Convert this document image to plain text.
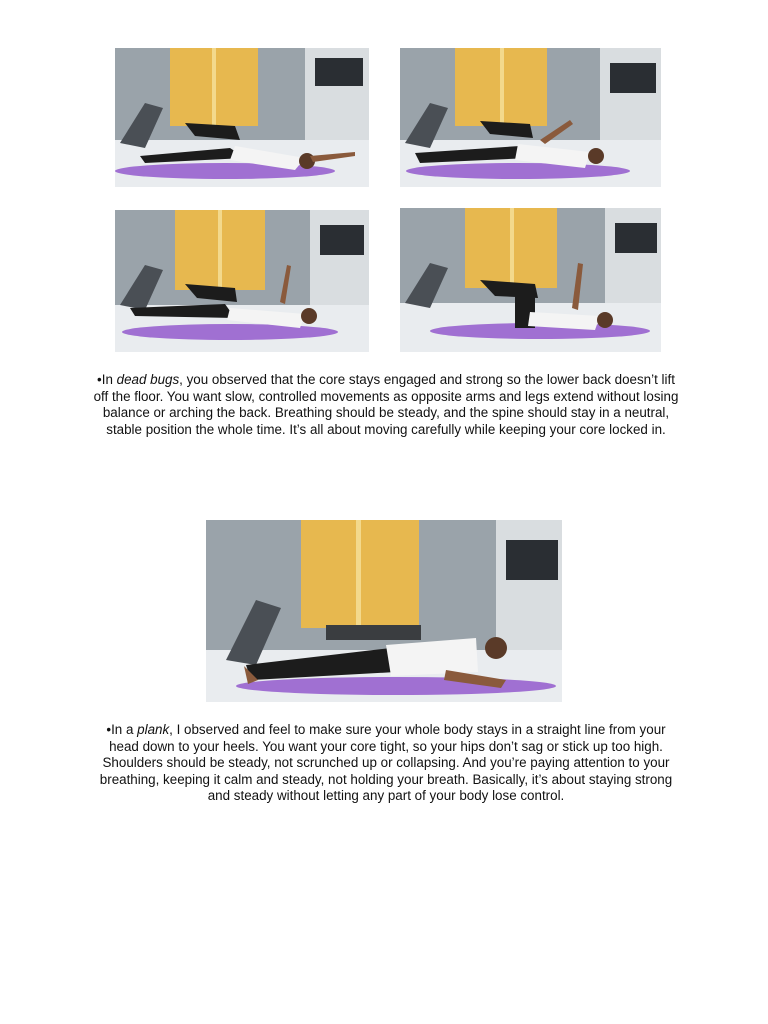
•In dead bugs, you observed that the core stays engaged and strong so the lower back doesn’t lift off the floor. You want slow, controlled movements as opposite arms and legs extend without losing balance or arching the back. Breathing should be steady, and the spine should stay in a neutral, stable position the whole time. It’s all about moving carefully while keeping your core locked in.

•In a plank, I observed and feel to make sure your whole body stays in a straight line from your head down to your heels. You want your core tight, so your hips don’t sag or stick up too high. Shoulders should be steady, not scrunched up or collapsing. And you’re paying attention to your breathing, keeping it calm and steady, not holding your breath. Basically, it’s about staying strong and steady without letting any part of your body lose control.
